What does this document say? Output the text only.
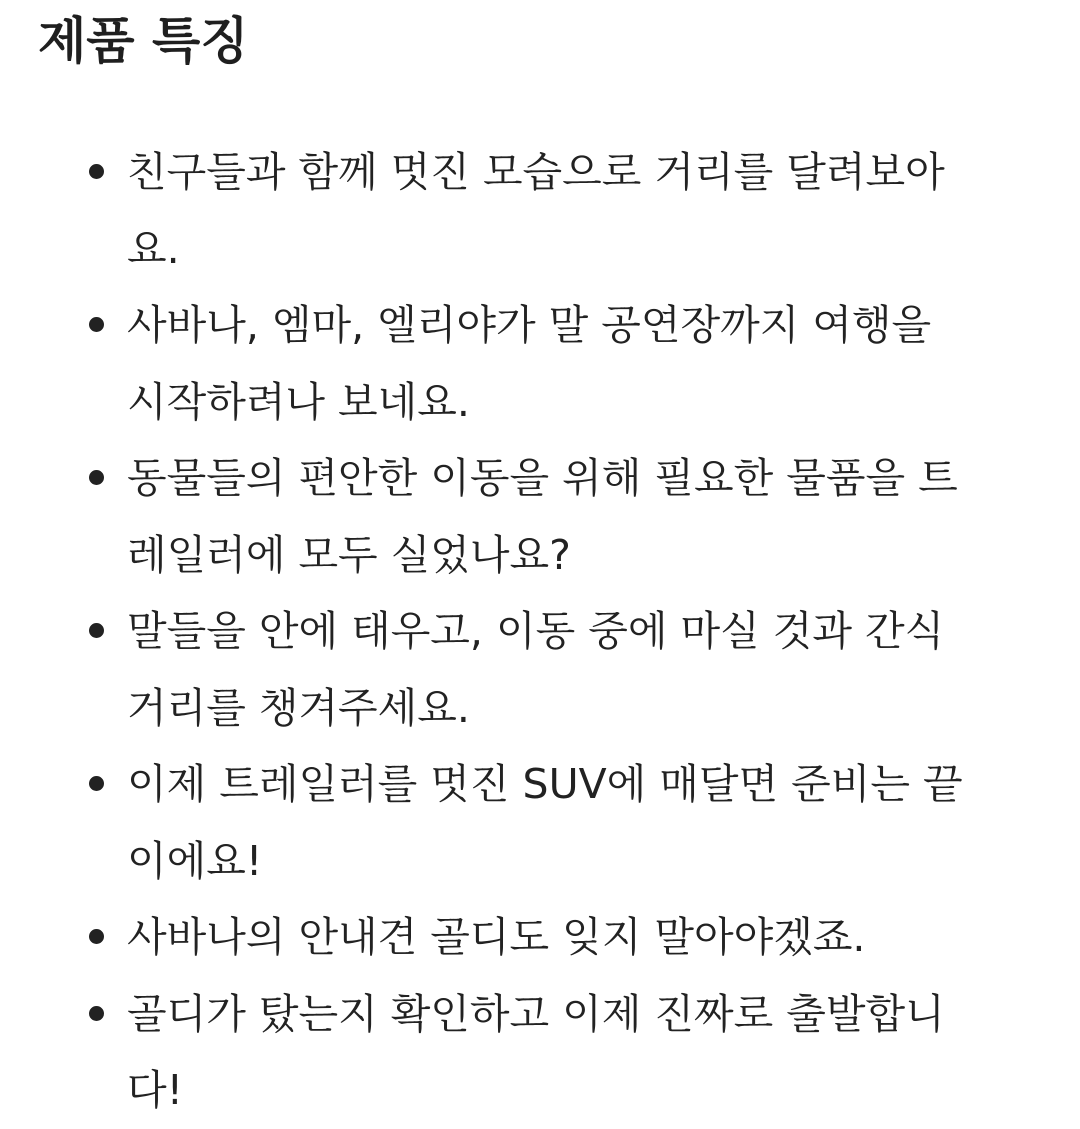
제품 특징
친구들과 함께 멋진 모습으로 거리를 달려보아
요.
사바나, 엠마, 엘리야가 말 공연장까지 여행을
시작하려나 보네요.
동물들의 편안한 이동을 위해 필요한 물품을 트
레일러에 모두 실었나요?
말들을 안에 태우고, 이동 중에 마실 것과 간식
거리를 챙겨주세요.
이제 트레일러를 멋진 SUV에 매달면 준비는 끝
이에요!
사바나의 안내견 골디도 잊지 말아야겠죠.
골디가 탔는지 확인하고 이제 진짜로 출발합니
다!
